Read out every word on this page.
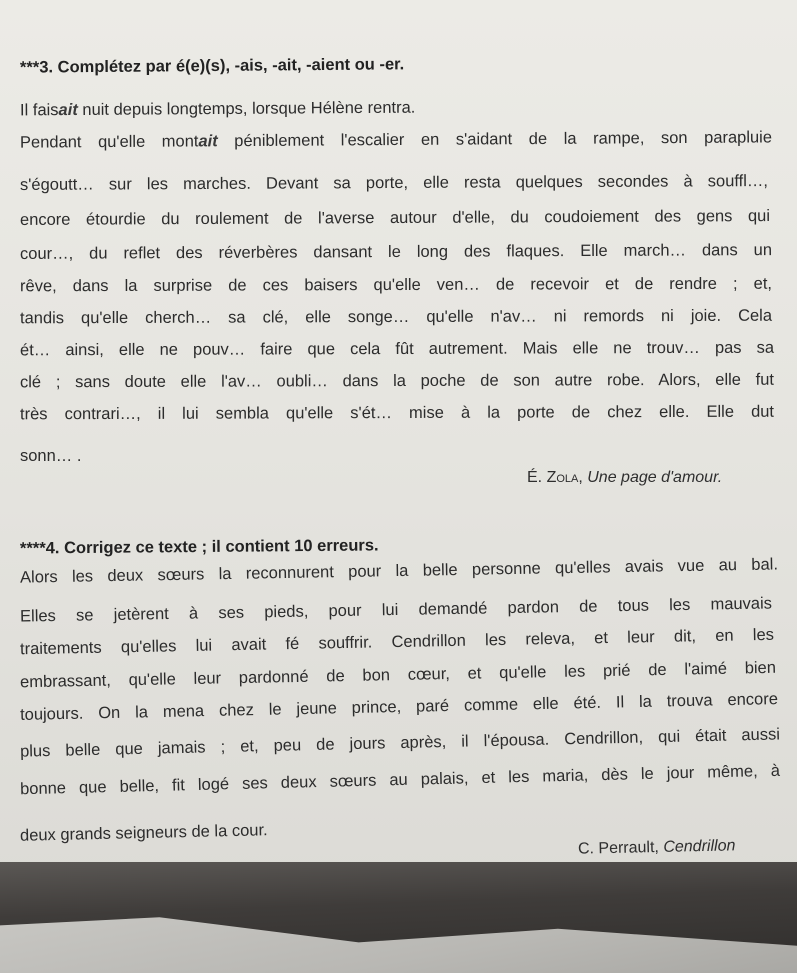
***3. Complétez par é(e)(s), -ais, -ait, -aient ou -er.
Il faisait nuit depuis longtemps, lorsque Hélène rentra.
Pendant qu'elle montait péniblement l'escalier en s'aidant de la rampe, son parapluie
s'égoutt… sur les marches. Devant sa porte, elle resta quelques secondes à souffl…,
encore étourdie du roulement de l'averse autour d'elle, du coudoiement des gens qui
cour…, du reflet des réverbères dansant le long des flaques. Elle march… dans un
rêve, dans la surprise de ces baisers qu'elle ven… de recevoir et de rendre ; et,
tandis qu'elle cherch… sa clé, elle songe… qu'elle n'av… ni remords ni joie. Cela
ét… ainsi, elle ne pouv… faire que cela fût autrement. Mais elle ne trouv… pas sa
clé ; sans doute elle l'av… oubli… dans la poche de son autre robe. Alors, elle fut
très contrari…, il lui sembla qu'elle s'ét… mise à la porte de chez elle. Elle dut
sonn… .
É. Zola, Une page d'amour.
****4. Corrigez ce texte ; il contient 10 erreurs.
Alors les deux sœurs la reconnurent pour la belle personne qu'elles avais vue au bal.
Elles se jetèrent à ses pieds, pour lui demandé pardon de tous les mauvais
traitements qu'elles lui avait fé souffrir. Cendrillon les releva, et leur dit, en les
embrassant, qu'elle leur pardonné de bon cœur, et qu'elle les prié de l'aimé bien
toujours. On la mena chez le jeune prince, paré comme elle été. Il la trouva encore
plus belle que jamais ; et, peu de jours après, il l'épousa. Cendrillon, qui était aussi
bonne que belle, fit logé ses deux sœurs au palais, et les maria, dès le jour même, à
deux grands seigneurs de la cour.
C. Perrault, Cendrillon
